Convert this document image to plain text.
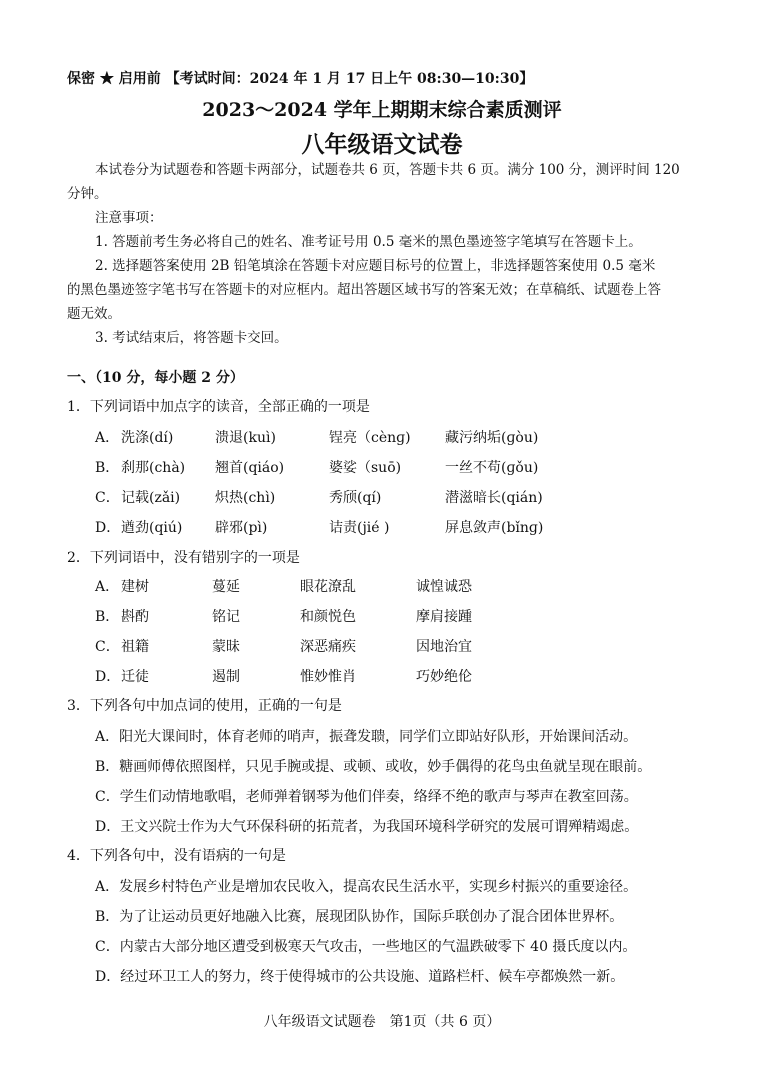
保密 ★ 启用前 【考试时间：2024 年 1 月 17 日上午 08:30—10:30】
2023～2024 学年上期期末综合素质测评
八年级语文试卷
本试卷分为试题卷和答题卡两部分，试题卷共 6 页，答题卡共 6 页。满分 100 分，测评时间 120
分钟。
注意事项：
1. 答题前考生务必将自己的姓名、准考证号用 0.5 毫米的黑色墨迹签字笔填写在答题卡上。
2. 选择题答案使用 2B 铅笔填涂在答题卡对应题目标号的位置上，非选择题答案使用 0.5 毫米
的黑色墨迹签字笔书写在答题卡的对应框内。超出答题区域书写的答案无效；在草稿纸、试题卷上答
题无效。
3. 考试结束后，将答题卡交回。
一、（10 分，每小题 2 分）
1．下列词语中加点字的读音，全部正确的一项是
A． 洗涤(dí)	溃退(kuì)	锃亮（cènɡ) 藏污纳垢(ɡòu)
B． 刹那(chà) 翘首(qiáo)	婆娑（suō)	一丝不苟(ɡǒu)
C． 记载(zǎi) 炽热(chì)	秀颀(qí)	潜滋暗长(qián)
D． 遒劲(qiú) 辟邪(pì)	诘责(jié )	屏息敛声(bǐnɡ)
2．下列词语中，没有错别字的一项是
A． 建树	蔓延	眼花潦乱	诚惶诚恐
B． 斟酌	铭记	和颜悦色	摩肩接踵
C． 祖籍	蒙昧	深恶痛疾	因地治宜
D． 迁徒	遏制	惟妙惟肖	巧妙绝伦
3．下列各句中加点词的使用，正确的一句是
A．阳光大课间时，体育老师的哨声，振聋发聩，同学们立即站好队形，开始课间活动。
B．糖画师傅依照图样，只见手腕或提、或顿、或收，妙手偶得的花鸟虫鱼就呈现在眼前。
C．学生们动情地歌唱，老师弹着钢琴为他们伴奏，络绎不绝的歌声与琴声在教室回荡。
D．王文兴院士作为大气环保科研的拓荒者，为我国环境科学研究的发展可谓殚精竭虑。
4．下列各句中，没有语病的一句是
A．发展乡村特色产业是增加农民收入，提高农民生活水平，实现乡村振兴的重要途径。
B．为了让运动员更好地融入比赛，展现团队协作，国际乒联创办了混合团体世界杯。
C．内蒙古大部分地区遭受到极寒天气攻击，一些地区的气温跌破零下 40 摄氏度以内。
D．经过环卫工人的努力，终于使得城市的公共设施、道路栏杆、候车亭都焕然一新。
八年级语文试题卷　第1页（共 6 页）
